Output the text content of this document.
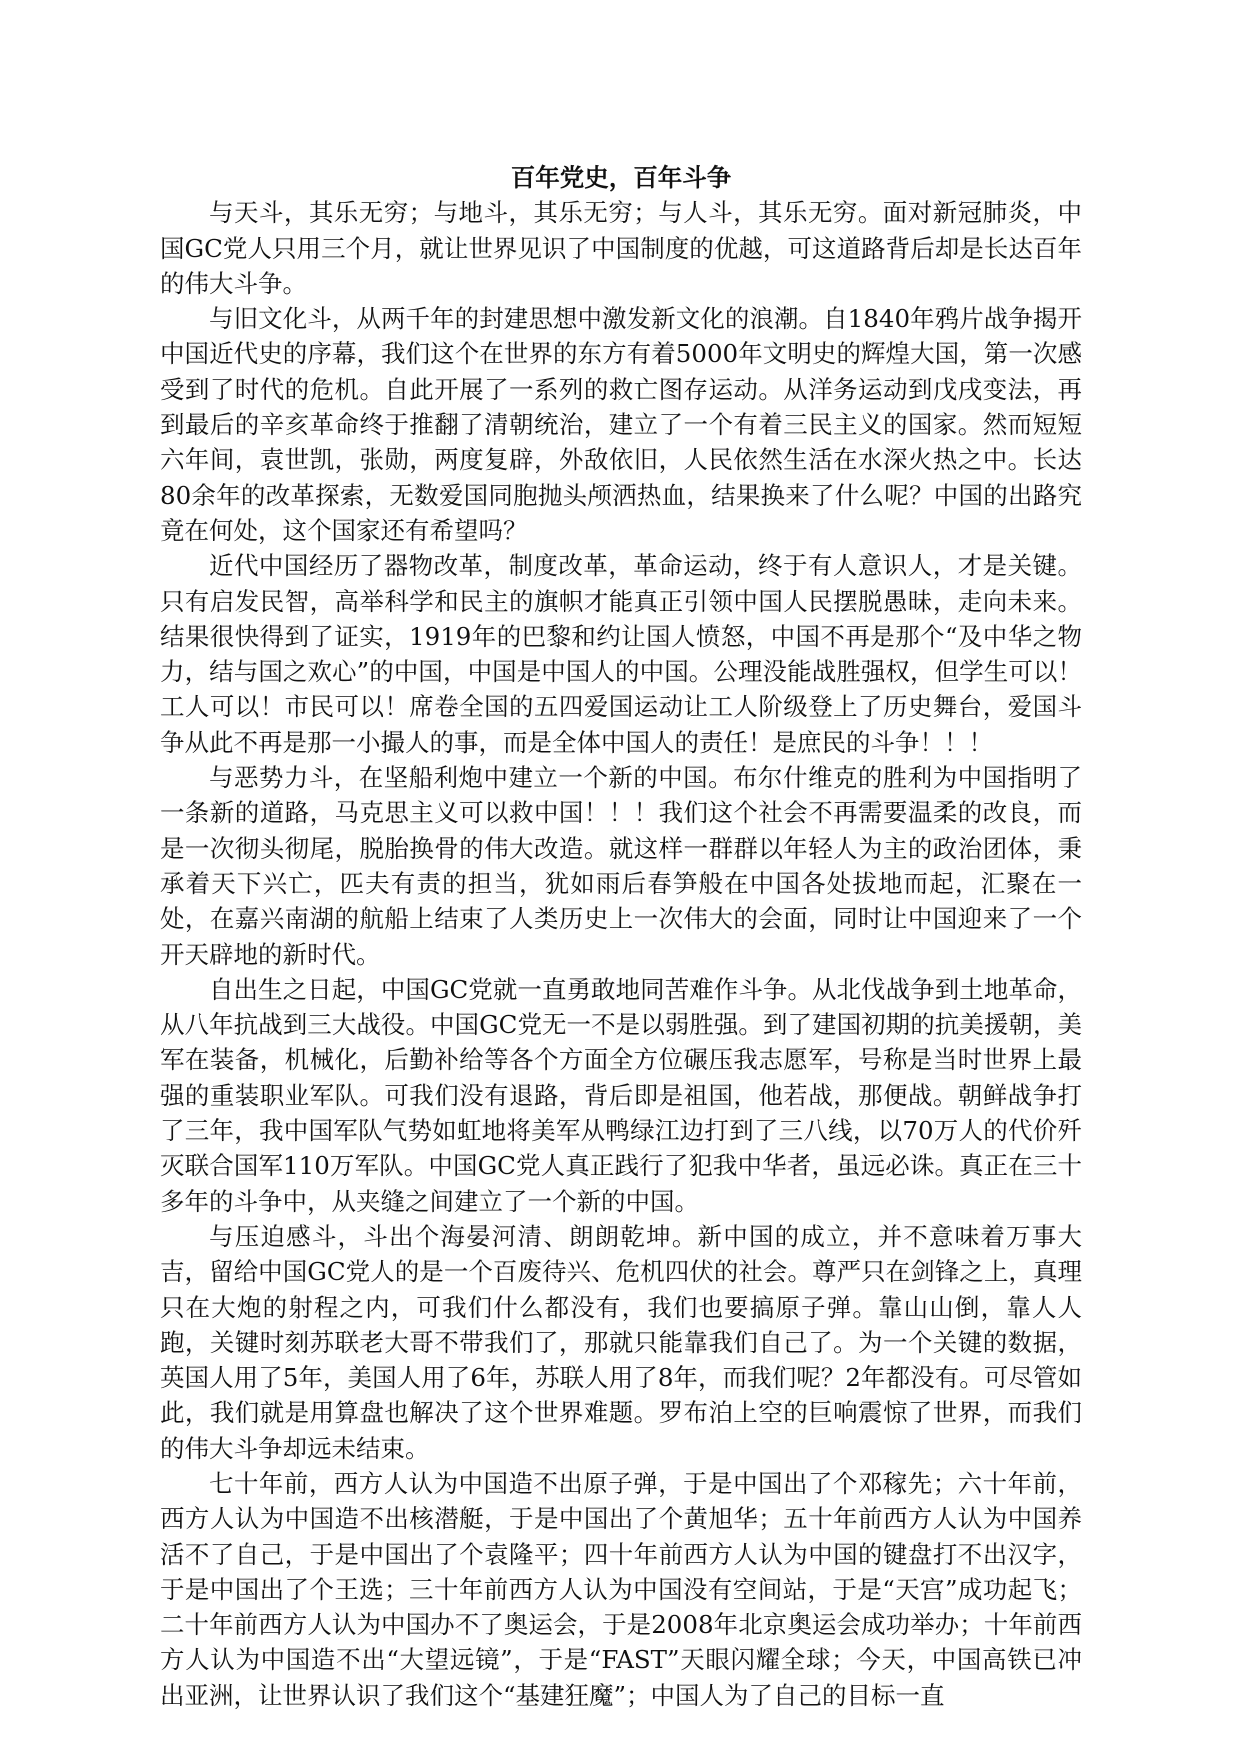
百年党史，百年斗争

与天斗，其乐无穷；与地斗，其乐无穷；与人斗，其乐无穷。面对新冠肺炎，中国GC党人只用三个月，就让世界见识了中国制度的优越，可这道路背后却是长达百年的伟大斗争。

与旧文化斗，从两千年的封建思想中激发新文化的浪潮。自1840年鸦片战争揭开中国近代史的序幕，我们这个在世界的东方有着5000年文明史的辉煌大国，第一次感受到了时代的危机。自此开展了一系列的救亡图存运动。从洋务运动到戊戌变法，再到最后的辛亥革命终于推翻了清朝统治，建立了一个有着三民主义的国家。然而短短六年间，袁世凯，张勋，两度复辟，外敌依旧，人民依然生活在水深火热之中。长达80余年的改革探索，无数爱国同胞抛头颅洒热血，结果换来了什么呢？中国的出路究竟在何处，这个国家还有希望吗？

近代中国经历了器物改革，制度改革，革命运动，终于有人意识人，才是关键。只有启发民智，高举科学和民主的旗帜才能真正引领中国人民摆脱愚昧，走向未来。结果很快得到了证实，1919年的巴黎和约让国人愤怒，中国不再是那个“及中华之物力，结与国之欢心”的中国，中国是中国人的中国。公理没能战胜强权，但学生可以！工人可以！市民可以！席卷全国的五四爱国运动让工人阶级登上了历史舞台，爱国斗争从此不再是那一小撮人的事，而是全体中国人的责任！是庶民的斗争！！！

与恶势力斗，在坚船利炮中建立一个新的中国。布尔什维克的胜利为中国指明了一条新的道路，马克思主义可以救中国！！！我们这个社会不再需要温柔的改良，而是一次彻头彻尾，脱胎换骨的伟大改造。就这样一群群以年轻人为主的政治团体，秉承着天下兴亡，匹夫有责的担当，犹如雨后春笋般在中国各处拔地而起，汇聚在一处，在嘉兴南湖的航船上结束了人类历史上一次伟大的会面，同时让中国迎来了一个开天辟地的新时代。

自出生之日起，中国GC党就一直勇敢地同苦难作斗争。从北伐战争到土地革命，从八年抗战到三大战役。中国GC党无一不是以弱胜强。到了建国初期的抗美援朝，美军在装备，机械化，后勤补给等各个方面全方位碾压我志愿军，号称是当时世界上最强的重装职业军队。可我们没有退路，背后即是祖国，他若战，那便战。朝鲜战争打了三年，我中国军队气势如虹地将美军从鸭绿江边打到了三八线，以70万人的代价歼灭联合国军110万军队。中国GC党人真正践行了犯我中华者，虽远必诛。真正在三十多年的斗争中，从夹缝之间建立了一个新的中国。

与压迫感斗，斗出个海晏河清、朗朗乾坤。新中国的成立，并不意味着万事大吉，留给中国GC党人的是一个百废待兴、危机四伏的社会。尊严只在剑锋之上，真理只在大炮的射程之内，可我们什么都没有，我们也要搞原子弹。靠山山倒，靠人人跑，关键时刻苏联老大哥不带我们了，那就只能靠我们自己了。为一个关键的数据，英国人用了5年，美国人用了6年，苏联人用了8年，而我们呢？2年都没有。可尽管如此，我们就是用算盘也解决了这个世界难题。罗布泊上空的巨响震惊了世界，而我们的伟大斗争却远未结束。

七十年前，西方人认为中国造不出原子弹，于是中国出了个邓稼先；六十年前，西方人认为中国造不出核潜艇，于是中国出了个黄旭华；五十年前西方人认为中国养活不了自己，于是中国出了个袁隆平；四十年前西方人认为中国的键盘打不出汉字，于是中国出了个王选；三十年前西方人认为中国没有空间站，于是“天宫”成功起飞；二十年前西方人认为中国办不了奥运会，于是2008年北京奥运会成功举办；十年前西方人认为中国造不出“大望远镜”，于是“FAST”天眼闪耀全球；今天，中国高铁已冲出亚洲，让世界认识了我们这个“基建狂魔”；中国人为了自己的目标一直
